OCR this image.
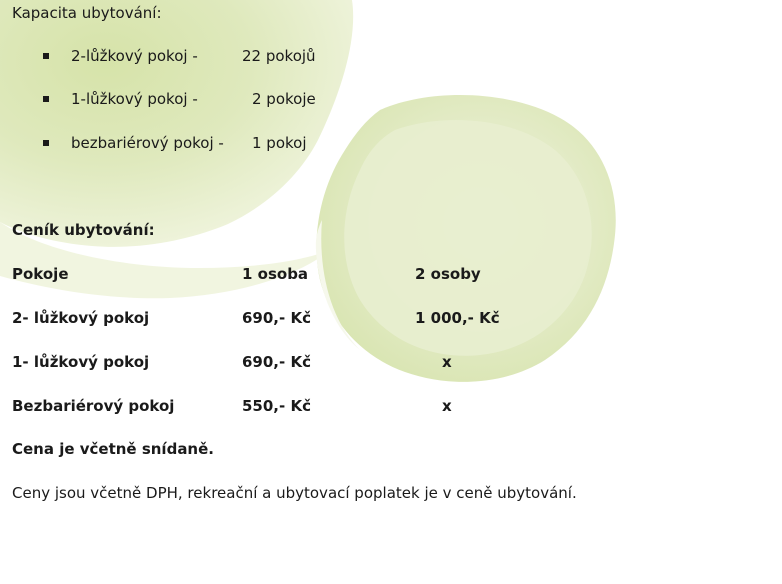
Kapacita ubytování:
2-lůžkový pokoj -	22 pokojů
1-lůžkový pokoj -	2 pokoje
bezbariérový pokoj - 1 pokoj
Ceník ubytování:
Pokoje	1 osoba	2 osoby
2- lůžkový pokoj	690,- Kč	1 000,- Kč
1- lůžkový pokoj	690,- Kč	x
Bezbariérový pokoj	550,- Kč	x
Cena je včetně snídaně.
Ceny jsou včetně DPH, rekreační a ubytovací poplatek je v ceně ubytování.
